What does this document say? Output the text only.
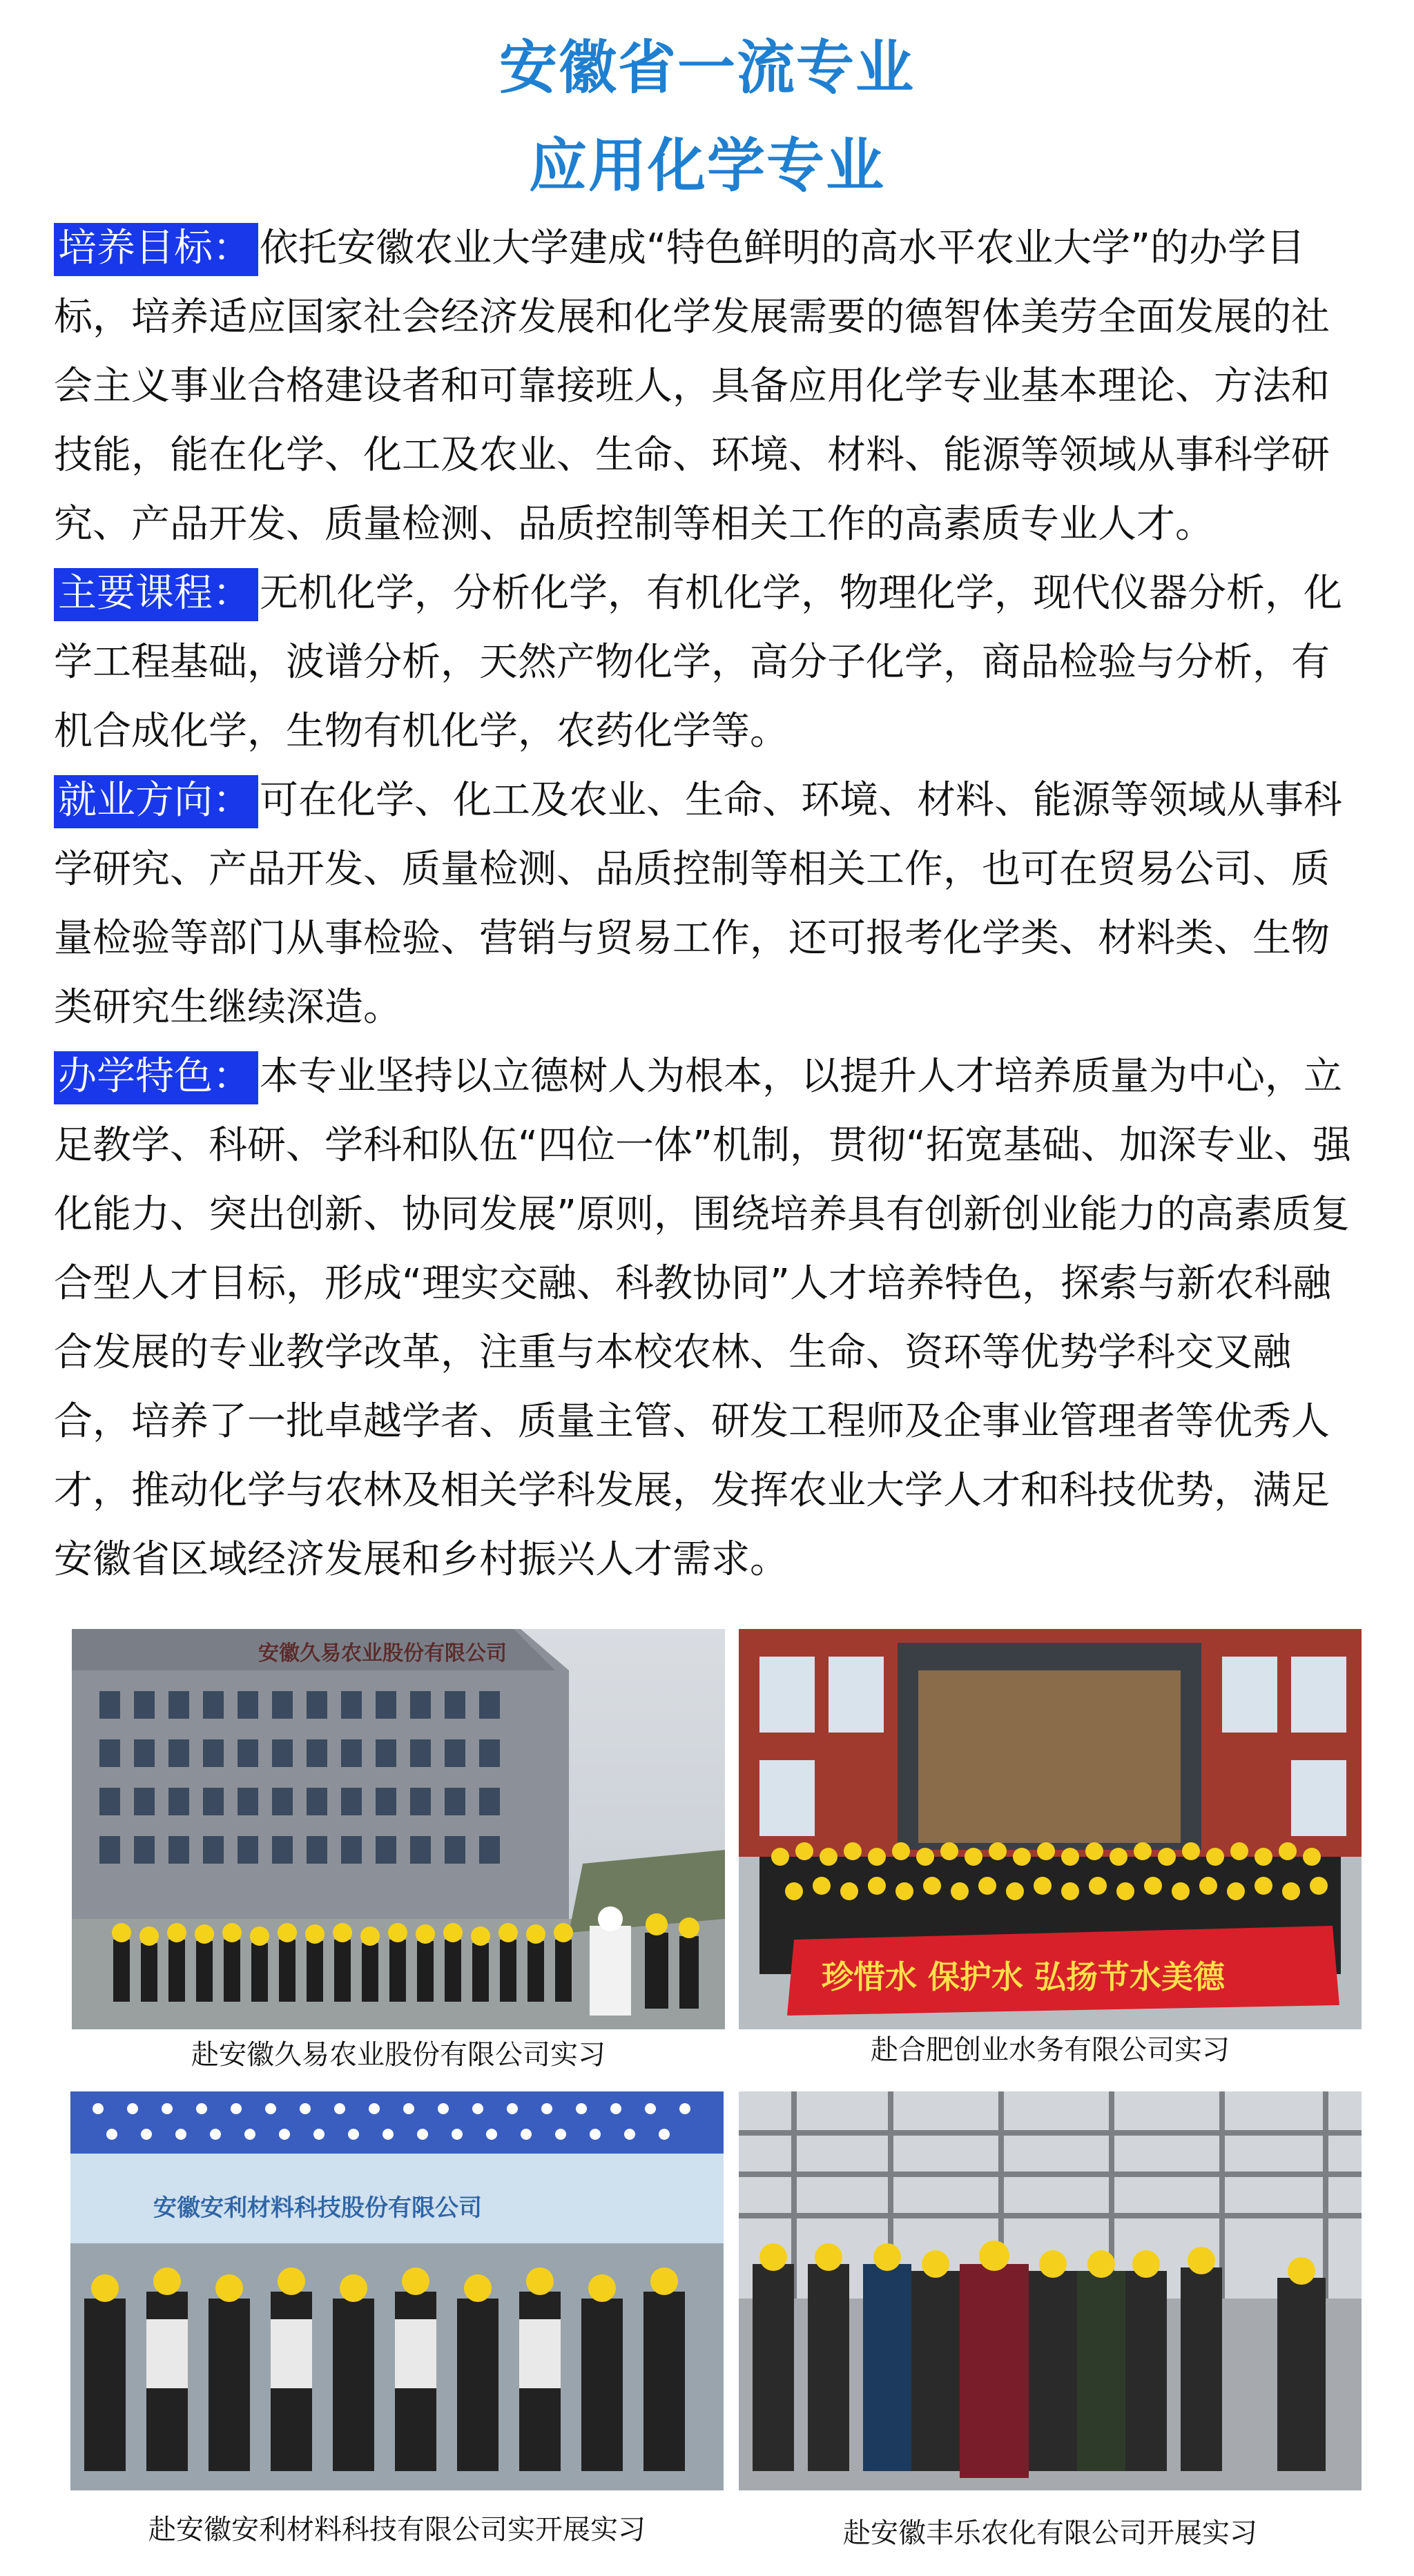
安徽省一流专业
应用化学专业
培养目标： 依托安徽农业大学建成“特色鲜明的高水平农业大学”的办学目标，培养适应国家社会经济发展和化学发展需要的德智体美劳全面发展的社会主义事业合格建设者和可靠接班人，具备应用化学专业基本理论、方法和技能，能在化学、化工及农业、生命、环境、材料、能源等领域从事科学研究、产品开发、质量检测、品质控制等相关工作的高素质专业人才。
主要课程： 无机化学，分析化学，有机化学，物理化学，现代仪器分析，化学工程基础，波谱分析，天然产物化学，高分子化学，商品检验与分析，有机合成化学，生物有机化学，农药化学等。
就业方向： 可在化学、化工及农业、生命、环境、材料、能源等领域从事科学研究、产品开发、质量检测、品质控制等相关工作，也可在贸易公司、质量检验等部门从事检验、营销与贸易工作，还可报考化学类、材料类、生物类研究生继续深造。
办学特色： 本专业坚持以立德树人为根本，以提升人才培养质量为中心，立足教学、科研、学科和队伍“四位一体”机制，贯彻“拓宽基础、加深专业、强化能力、突出创新、协同发展”原则，围绕培养具有创新创业能力的高素质复合型人才目标，形成“理实交融、科教协同”人才培养特色，探索与新农科融合发展的专业教学改革，注重与本校农林、生命、资环等优势学科交叉融合，培养了一批卓越学者、质量主管、研发工程师及企事业管理者等优秀人才，推动化学与农林及相关学科发展，发挥农业大学人才和科技优势，满足安徽省区域经济发展和乡村振兴人才需求。
安徽久易农业股份有限公司
珍惜水 保护水 弘扬节水美德
安徽安利材料科技股份有限公司
赴安徽久易农业股份有限公司实习	赴合肥创业水务有限公司实习
赴安徽安利材料科技有限公司实开展实习	赴安徽丰乐农化有限公司开展实习
